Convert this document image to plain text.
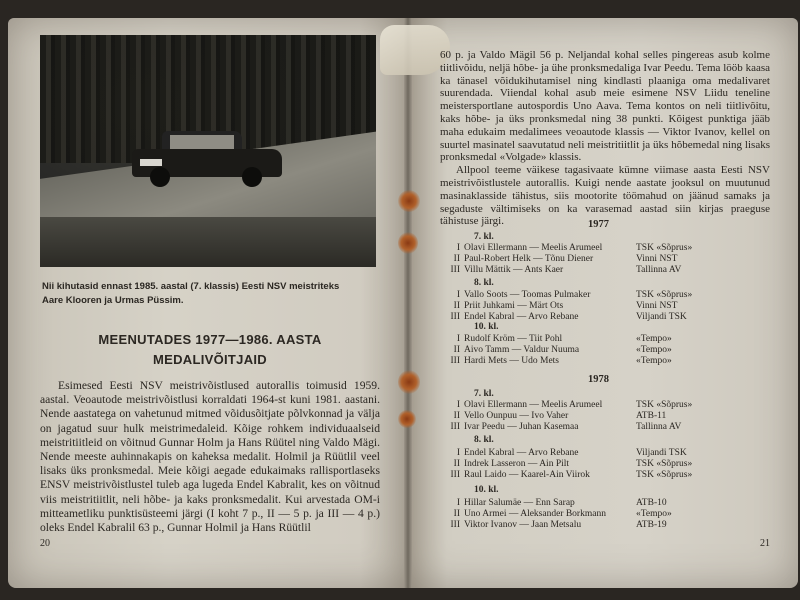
Nii kihutasid ennast 1985. aastal (7. klassis) Eesti NSV meistriteks
Aare Klooren ja Urmas Püssim.
MEENUTADES 1977—1986. AASTA
MEDALIVÕITJAID

Esimesed Eesti NSV meistrivõistlused autorallis toimusid 1959. aastal. Veoautode meistrivõistlusi korraldati 1964-st kuni 1981. aastani. Nende aastatega on vahetunud mitmed võidusõitjate põlvkonnad ja välja on jagatud suur hulk meistrimedaleid. Kõige rohkem individuaalseid meistritiitleid on võitnud Gunnar Holm ja Hans Rüütel ning Valdo Mägi. Nende meeste auhinnakapis on kaheksa medalit. Holmil ja Rüütlil veel lisaks üks pronksmedal. Meie kõigi aegade edukaimaks rallisportlaseks ENSV meistrivõistlustel tuleb aga lugeda Endel Kabralit, kes on võitnud viis meistritiitlit, neli hõbe- ja kaks pronksmedalit. Kui arvestada OM-i mitteametliku punktisüsteemi järgi (I koht 7 p., II — 5 p. ja III — 4 p.) oleks Endel Kabralil 63 p., Gunnar Holmil ja Hans Rüütlil

20

60 p. ja Valdo Mägil 56 p. Neljandal kohal selles pingereas asub kolme tiitlivõidu, neljä hõbe- ja ühe pronksmedaliga Ivar Peedu. Tema lööb kaasa ka tänasel võidukihutamisel ning kindlasti plaaniga oma medalivaret suurendada. Viiendal kohal asub meie esimene NSV Liidu teneline meistersportlane autospordis Uno Aava. Tema kontos on neli tiitlivõitu, kaks hõbe- ja üks pronksmedal ning 38 punkti. Kõigest punktiga jääb maha edukaim medalimees veoautode klassis — Viktor Ivanov, kellel on suurtel masinatel saavutatud neli meistritiitlit ja üks hõbemedal ning lisaks pronksmedal «Volgade» klassis.

Allpool teeme väikese tagasivaate kümne viimase aasta Eesti NSV meistrivõistlustele autorallis. Kuigi nende aastate jooksul on muutunud masinaklasside tähistus, siis mootorite töömahud on jäänud samaks ja segaduste vältimiseks on ka varasemad aastad siin kirjas praeguse tähistuse järgi.	1977
7. kl.
I Olavi Ellermann — Meelis Arumeel	TSK «Sõprus»
II Paul-Robert Helk — Tõnu Diener	Vinni NST
III Villu Mättik — Ants Kaer	Tallinna AV
8. kl.
I Vallo Soots — Toomas Pulmaker	TSK «Sõprus»
II Priit Juhkami — Märt Ots	Vinni NST
III Endel Kabral — Arvo Rebane	Viljandi TSK
10. kl.
I Rudolf Kröm — Tiit Pohl	«Tempo»
II Aivo Tamm — Valdur Nuuma	«Tempo»
III Hardi Mets — Udo Mets	«Tempo»
1978
7. kl.
I Olavi Ellermann — Meelis Arumeel	TSK «Sõprus»
II Vello Ounpuu — Ivo Vaher	ATB-11
III Ivar Peedu — Juhan Kasemaa	Tallinna AV
8. kl.
I Endel Kabral — Arvo Rebane	Viljandi TSK
II Indrek Lasseron — Ain Pilt	TSK «Sõprus»
III Raul Laido — Kaarel-Ain Viirok	TSK «Sõprus»
10. kl.
I Hillar Salumäe — Enn Sarap	ATB-10
II Uno Armei — Aleksander Borkmann	«Tempo»
III Viktor Ivanov — Jaan Metsalu	ATB-19
21
